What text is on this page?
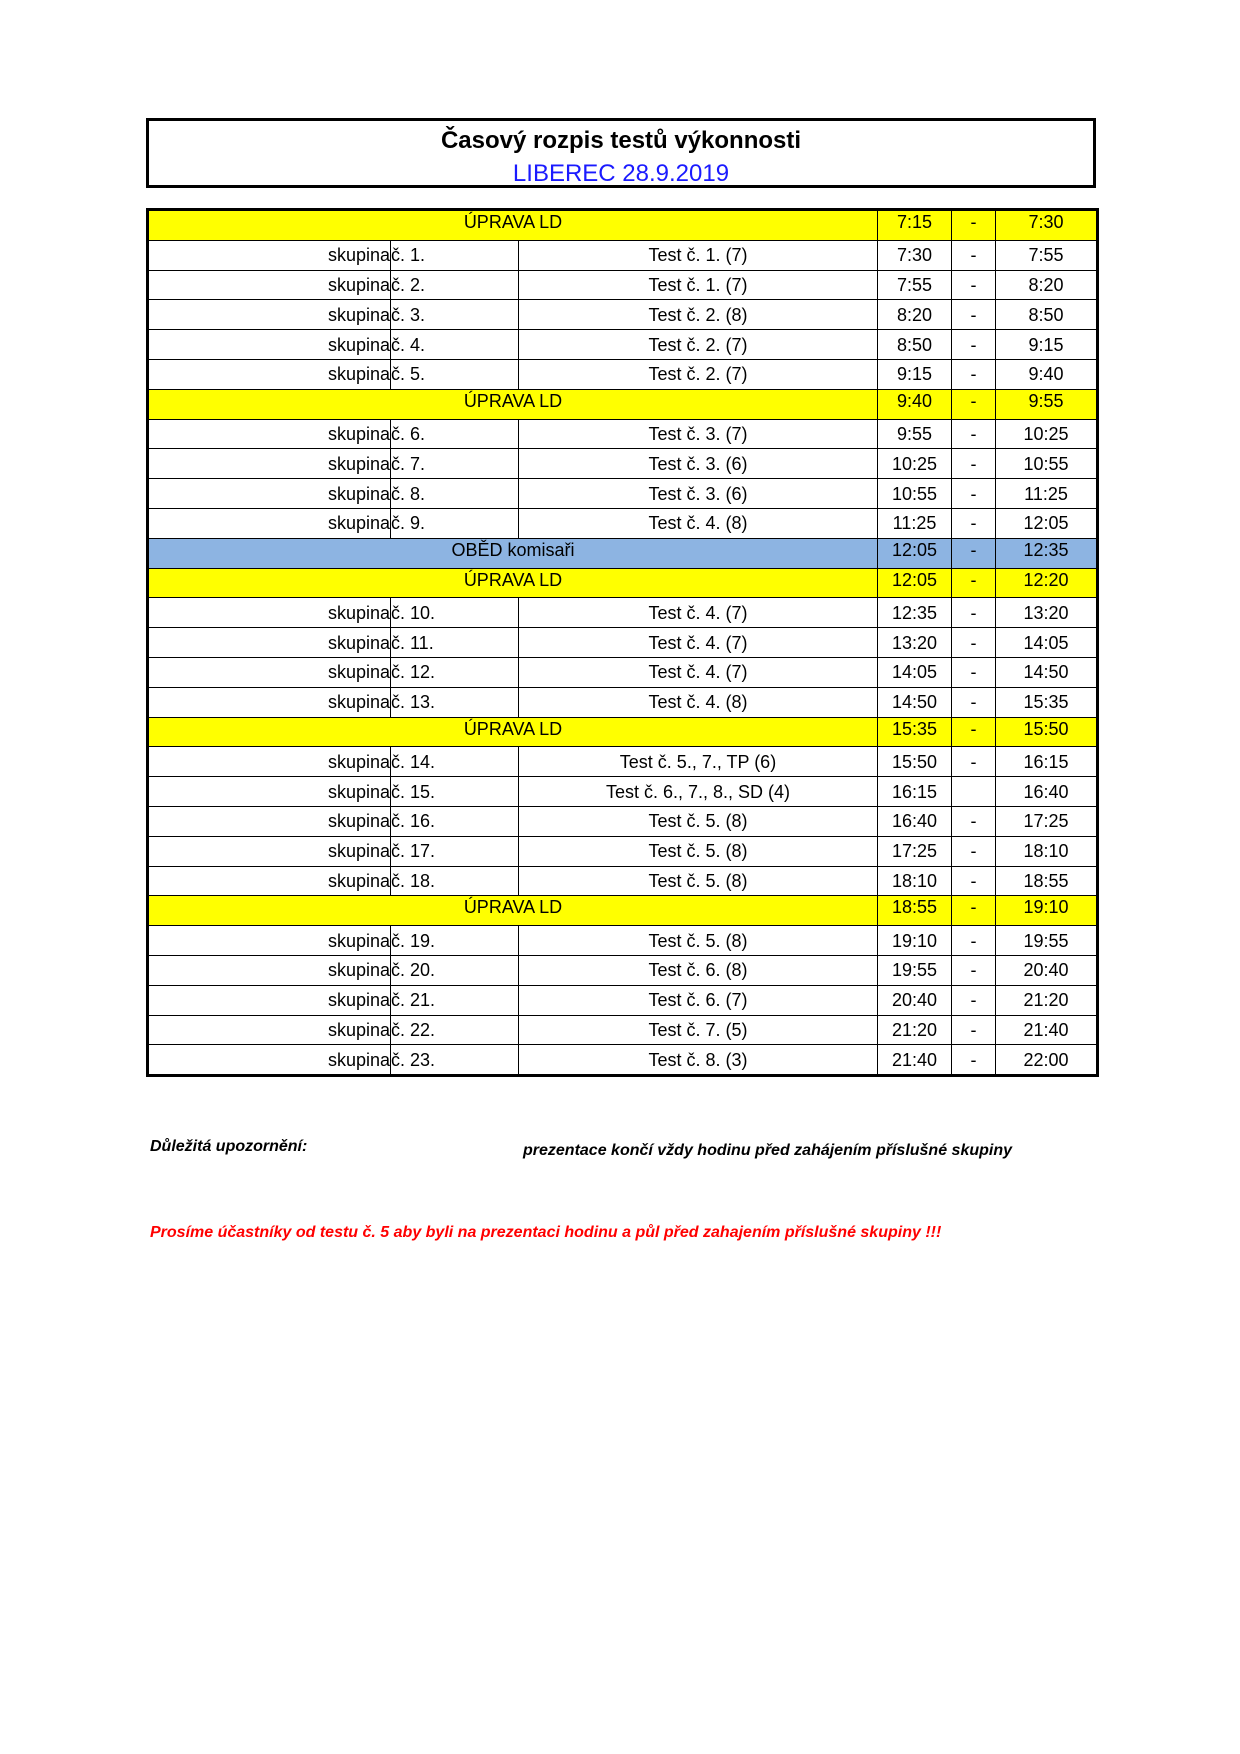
Časový rozpis testů výkonnosti
LIBEREC 28.9.2019
ÚPRAVA LD			7:15	-	7:30
skupina	č. 1.	Test č. 1. (7)	7:30	-	7:55
skupina	č. 2.	Test č. 1. (7)	7:55	-	8:20
skupina	č. 3.	Test č. 2. (8)	8:20	-	8:50
skupina	č. 4.	Test č. 2. (7)	8:50	-	9:15
skupina	č. 5.	Test č. 2. (7)	9:15	-	9:40
ÚPRAVA LD			9:40	-	9:55
skupina	č. 6.	Test č. 3. (7)	9:55	-	10:25
skupina	č. 7.	Test č. 3. (6)	10:25	-	10:55
skupina	č. 8.	Test č. 3. (6)	10:55	-	11:25
skupina	č. 9.	Test č. 4. (8)	11:25	-	12:05
OBĚD komisaři			12:05	-	12:35
ÚPRAVA LD			12:05	-	12:20
skupina	č. 10.	Test č. 4. (7)	12:35	-	13:20
skupina	č. 11.	Test č. 4. (7)	13:20	-	14:05
skupina	č. 12.	Test č. 4. (7)	14:05	-	14:50
skupina	č. 13.	Test č. 4. (8)	14:50	-	15:35
ÚPRAVA LD			15:35	-	15:50
skupina	č. 14.	Test č. 5., 7., TP (6)	15:50	-	16:15
skupina	č. 15.	Test č. 6., 7., 8., SD (4)	16:15		16:40
skupina	č. 16.	Test č. 5. (8)	16:40	-	17:25
skupina	č. 17.	Test č. 5. (8)	17:25	-	18:10
skupina	č. 18.	Test č. 5. (8)	18:10	-	18:55
ÚPRAVA LD			18:55	-	19:10
skupina	č. 19.	Test č. 5. (8)	19:10	-	19:55
skupina	č. 20.	Test č. 6. (8)	19:55	-	20:40
skupina	č. 21.	Test č. 6. (7)	20:40	-	21:20
skupina	č. 22.	Test č. 7. (5)	21:20	-	21:40
skupina	č. 23.	Test č. 8. (3)	21:40	-	22:00
Důležitá upozornění:	prezentace končí vždy hodinu před zahájením příslušné skupiny
Prosíme účastníky od testu č. 5 aby byli na prezentaci hodinu a půl před zahajením příslušné skupiny !!!
